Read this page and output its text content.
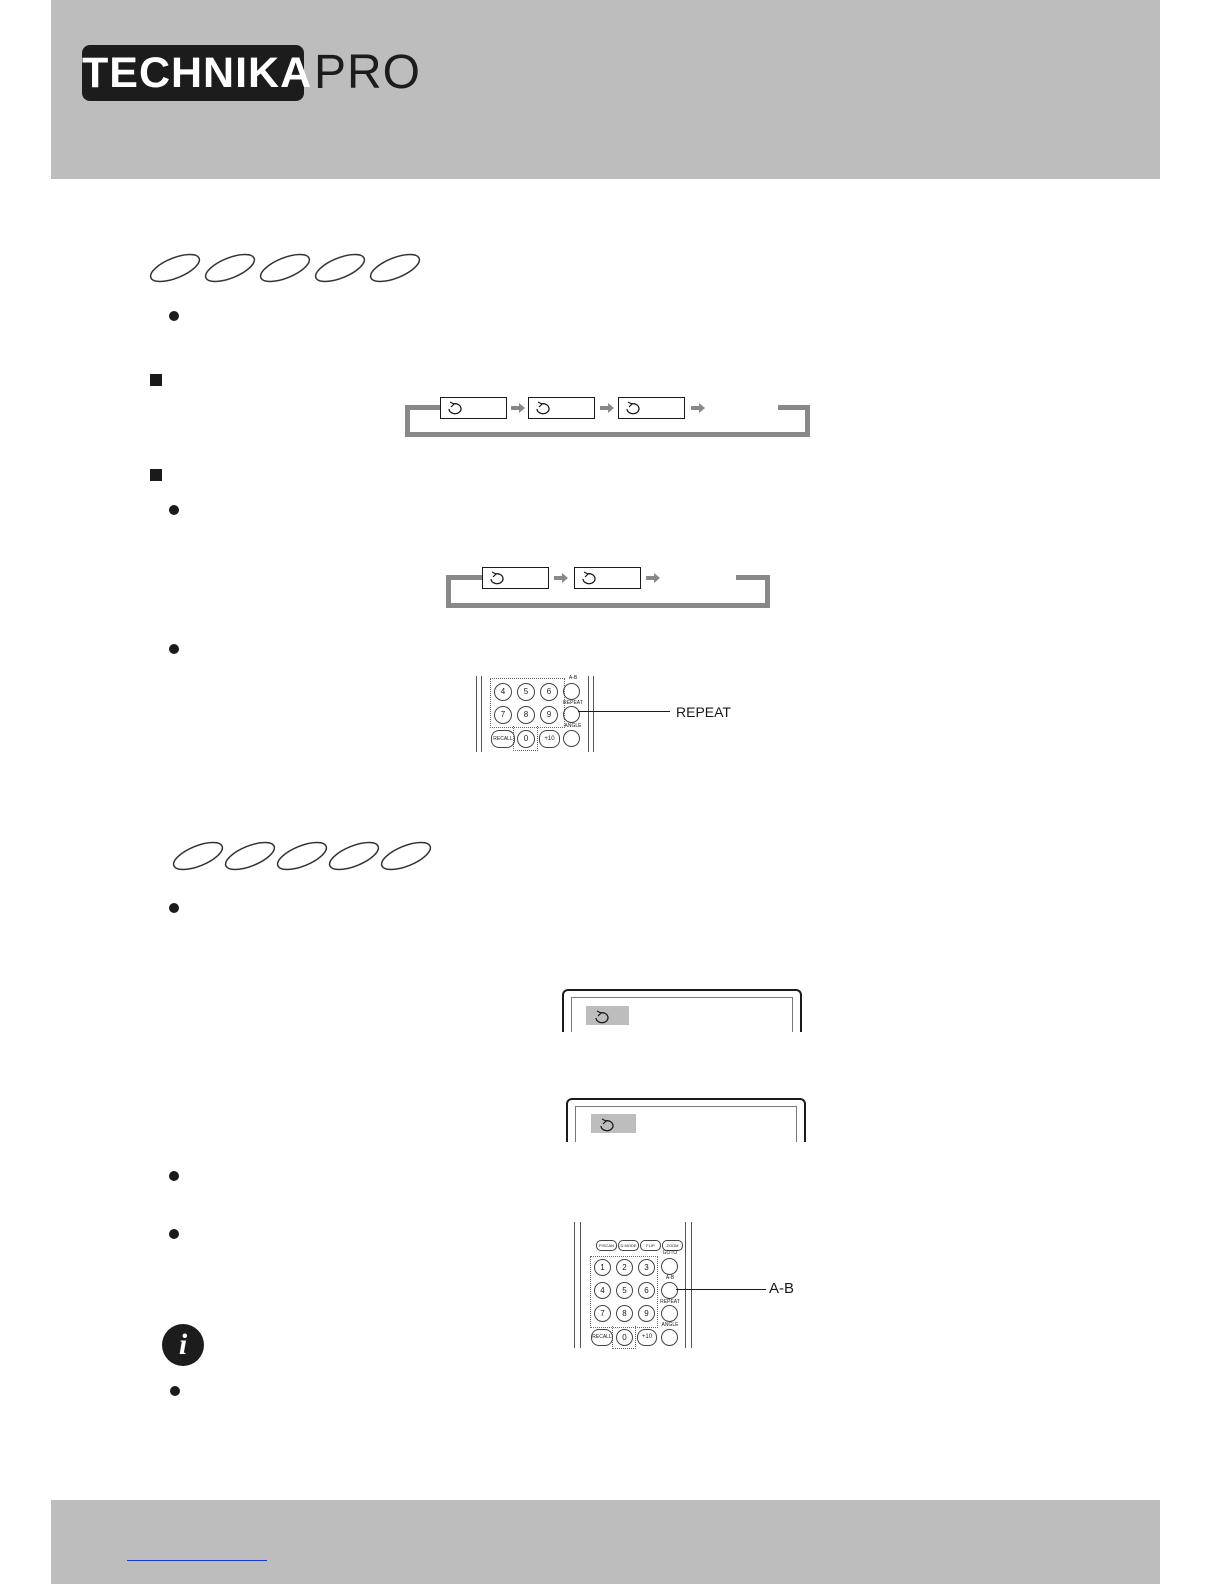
TECHNIKA PRO
4	5	6
7	8	9
RECALL	0	+10
A-B
REPEAT
ANGLE
REPEAT
P/SCAN	D.MODE	FLIP	ZOOM
1	2	3
4	5	6
7	8	9
RECALL	0	+10
GOTO
A-B
REPEAT
ANGLE
A-B
i
